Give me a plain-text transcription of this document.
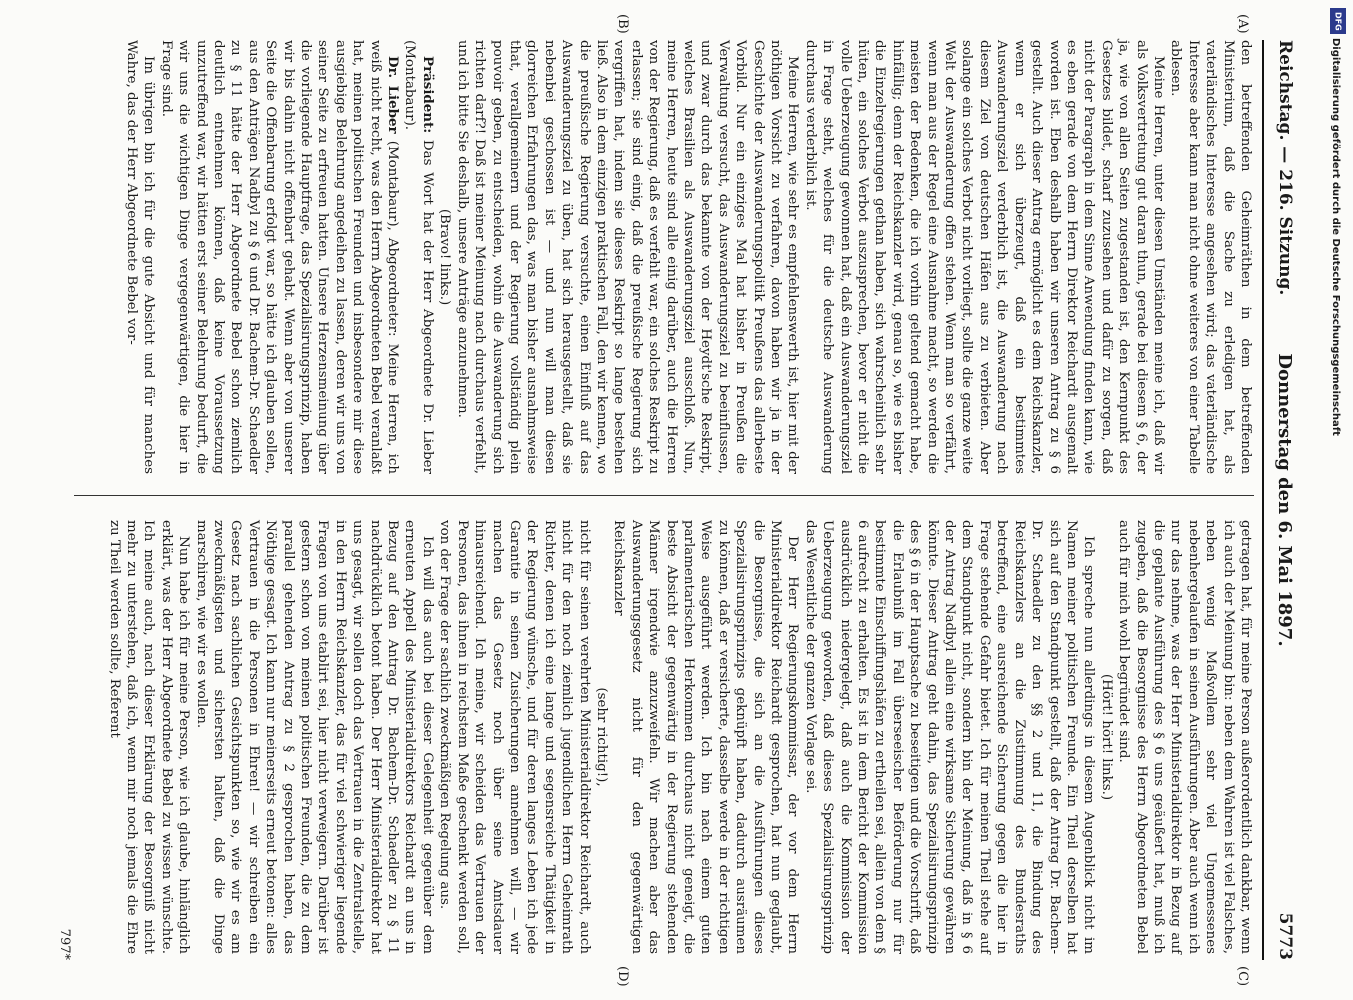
Reichstag. — 216. Sitzung.
Donnerstag den 6. Mai 1897.
5773
(A)
(B)
(C)
(D)

den betreffenden Geheimräthen in dem betreffenden Ministerium, daß die Sache zu erledigen hat, als vaterländisches Interesse angesehen wird; das vaterländische Interesse aber kann man nicht ohne weiteres von einer Tabelle ablesen.

Meine Herren, unter diesen Umständen meine ich, daß wir als Volksvertretung gut daran thun, gerade bei diesem § 6, der ja, wie von allen Seiten zugestanden ist, den Kernpunkt des Gesetzes bildet, scharf zuzusehen und dafür zu sorgen, daß nicht der Paragraph in dem Sinne Anwendung finden kann, wie es eben gerade von dem Herrn Direktor Reichardt ausgemalt worden ist. Eben deshalb haben wir unseren Antrag zu § 6 gestellt. Auch dieser Antrag ermöglicht es dem Reichskanzler, wenn er sich überzeugt, daß ein bestimmtes Auswanderungsziel verderblich ist, die Auswanderung nach diesem Ziel von deutschen Häfen aus zu verbieten. Aber solange ein solches Verbot nicht vorliegt, sollte die ganze weite Welt der Auswanderung offen stehen. Wenn man so verfährt, wenn man aus der Regel eine Ausnahme macht, so werden die meisten der Bedenken, die ich vorhin geltend gemacht habe, hinfällig; denn der Reichskanzler wird, genau so, wie es bisher die Einzelregierungen gethan haben, sich wahrscheinlich sehr hüten, ein solches Verbot auszusprechen, bevor er nicht die volle Ueberzeugung gewonnen hat, daß ein Auswanderungsziel in Frage steht, welches für die deutsche Auswanderung durchaus verderblich ist.

Meine Herren, wie sehr es empfehlenswerth ist, hier mit der nöthigen Vorsicht zu verfahren, davon haben wir ja in der Geschichte der Auswanderungspolitik Preußens das allerbeste Vorbild. Nur ein einziges Mal hat bisher in Preußen die Verwaltung versucht, das Auswanderungsziel zu beeinflussen, und zwar durch das bekannte von der Heydt'sche Reskript, welches Brasilien als Auswanderungsziel ausschloß. Nun, meine Herren, heute sind alle einig darüber, auch die Herren von der Regierung, daß es verfehlt war, ein solches Reskript zu erlassen; sie sind einig, daß die preußische Regierung sich vergriffen hat, indem sie dieses Reskript so lange bestehen ließ. Also in dem einzigen praktischen Fall, den wir kennen, wo die preußische Regierung versuchte, einen Einfluß auf das Auswanderungsziel zu üben, hat sich herausgestellt, daß sie nebenbei geschossen ist — und nun will man diesen glorreichen Erfahrungen das, was man bisher ausnahmsweise that, verallgemeinern und der Regierung vollständig plein pouvoir geben, zu entscheiden, wohin die Auswanderung sich richten darf?! Daß ist meiner Meinung nach durchaus verfehlt, und ich bitte Sie deshalb, unsere Anträge anzunehmen.

(Bravo! links.)

Präsident: Das Wort hat der Herr Abgeordnete Dr. Lieber (Montabaur).

Dr. Lieber (Montabaur), Abgeordneter: Meine Herren, ich weiß nicht recht, was den Herrn Abgeordneten Bebel veranlaßt hat, meinen politischen Freunden und insbesondere mir diese ausgiebige Belehrung angedeihen zu lassen, deren wir uns von seiner Seite zu erfreuen hatten. Unsere Herzensmeinung über die vorliegende Hauptfrage, das Spezialisirungsprinzip, haben wir bis dahin nicht offenbart gehabt. Wenn aber von unserer Seite die Offenbarung erfolgt war, so hätte ich glauben sollen, aus den Anträgen Nadbyl zu § 6 und Dr. Bachem-Dr. Schaedler zu § 11 hätte der Herr Abgeordnete Bebel schon ziemlich deutlich entnehmen können, daß keine Voraussetzung unzutreffend war, wir hätten erst seiner Belehrung bedurft, die wir uns die wichtigen Dinge vergegenwärtigen, die hier in Frage sind.

Im übrigen bin ich für die gute Absicht und für manches Wahre, das der Herr Abgeordnete Bebel vor-

getragen hat, für meine Person außerordentlich dankbar, wenn ich auch der Meinung bin: neben dem Wahren ist viel Falsches, neben wenig Maßvollem sehr viel Ungemessenes nebenhergelaufen in seinen Ausführungen. Aber auch wenn ich nur das nehme, was der Herr Ministerialdirektor in Bezug auf die geplante Ausführung des § 6 uns geäußert hat, muß ich zugeben, daß die Besorgnisse des Herrn Abgeordneten Bebel auch für mich wohl begründet sind.

(Hört! hört! links.)

Ich spreche nun allerdings in diesem Augenblick nicht im Namen meiner politischen Freunde. Ein Theil derselben hat sich auf den Standpunkt gestellt, daß der Antrag Dr. Bachem-Dr. Schaedler zu den §§ 2 und 11, die Bindung des Reichskanzlers an die Zustimmung des Bundesraths betreffend, eine ausreichende Sicherung gegen die hier in Frage stehende Gefahr bietet. Ich für meinen Theil stehe auf dem Standpunkt nicht, sondern bin der Meinung, daß in § 6 der Antrag Nadbyl allein eine wirksame Sicherung gewähren könnte. Dieser Antrag geht dahin, das Spezialisirungsprinzip des § 6 in der Hauptsache zu beseitigen und die Vorschrift, daß die Erlaubniß im Fall überseeischer Beförderung nur für bestimmte Einschiffungshäfen zu ertheilen sei, allein von dem § 6 aufrecht zu erhalten. Es ist in dem Bericht der Kommission ausdrücklich niedergelegt, daß auch die Kommission der Ueberzeugung geworden, daß dieses Spezialisirungsprinzip das Wesentliche der ganzen Vorlage sei.

Der Herr Regierungskommissar, der vor dem Herrn Ministerialdirektor Reichardt gesprochen, hat nun geglaubt, die Besorgnisse, die sich an die Ausführungen dieses Spezialisirungsprinzips geknüpft haben, dadurch ausräumen zu können, daß er versicherte, dasselbe werde in der richtigen Weise ausgeführt werden. Ich bin nach einem guten parlamentarischen Herkommen durchaus nicht geneigt, die beste Absicht der gegenwärtig in der Regierung stehenden Männer irgendwie anzuzweifeln. Wir machen aber das Auswanderungsgesetz nicht für den gegenwärtigen Reichskanzler

(sehr richtig!),

nicht für seinen verehrten Ministerialdirektor Reichardt, auch nicht für den noch ziemlich jugendlichen Herrn Geheimrath Richter, denen ich eine lange und segensreiche Thätigkeit in der Regierung wünsche, und für deren langes Leben ich jede Garantie in seinen Zusicherungen annehmen will, — wir machen das Gesetz noch über seine Amtsdauer hinausreichend. Ich meine, wir scheiden das Vertrauen der Personen, das ihnen in reichstem Maße geschenkt werden soll, von der Frage der sachlich zweckmäßigen Regelung aus.

Ich will das auch bei dieser Gelegenheit gegenüber dem erneuten Appell des Ministerialdirektors Reichardt an uns in Bezug auf den Antrag Dr. Bachem-Dr. Schaedler zu § 11 nachdrücklich betont haben. Der Herr Ministerialdirektor hat uns gesagt, wir sollen doch das Vertrauen in die Zentralstelle, in den Herrn Reichskanzler, das für viel schwieriger liegende Fragen von uns etablirt sei, hier nicht verweigern. Darüber ist gestern schon von meinen politischen Freunden, die zu dem parallel gehenden Antrag zu § 2 gesprochen haben, das Nöthige gesagt. Ich kann nur meinerseits erneut betonen: alles Vertrauen in die Personen in Ehren! — wir schreiben ein Gesetz nach sachlichen Gesichtspunkten so, wie wir es am zweckmäßigsten und sichersten halten, daß die Dinge marschiren, wie wir es wollen.

Nun habe ich für meine Person, wie ich glaube, hinlänglich erklärt, was der Herr Abgeordnete Bebel zu wissen wünschte. Ich meine auch, nach dieser Erklärung der Besorgniß nicht mehr zu unterstehen, daß ich, wenn mir noch jemals die Ehre zu Theil werden sollte, Referent

797*
DFG
Digitalisierung gefördert durch die Deutsche Forschungsgemeinschaft
